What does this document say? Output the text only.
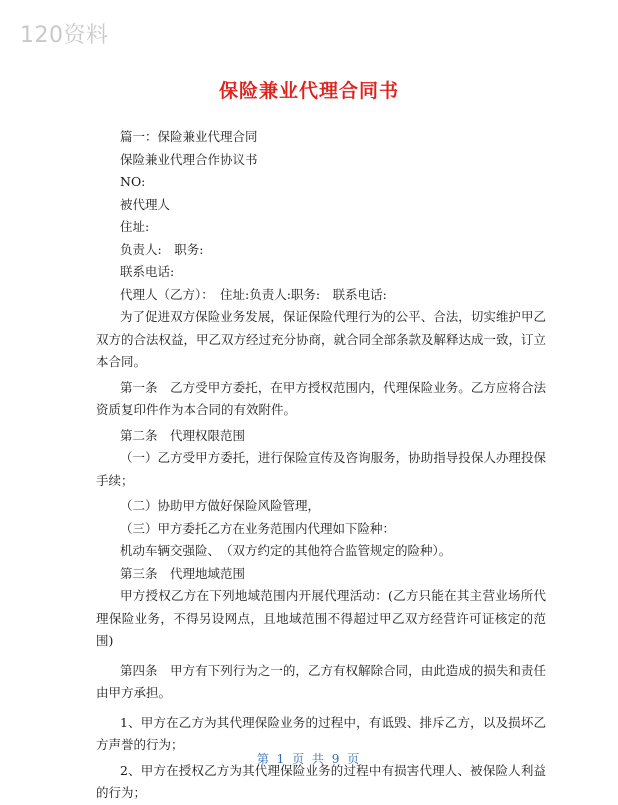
120资料
保险兼业代理合同书

篇一：保险兼业代理合同

保险兼业代理合作协议书

NO:

被代理人

住址:

负责人:　职务:

联系电话:

代理人（乙方）：　住址:负责人:职务:　联系电话:

为了促进双方保险业务发展，保证保险代理行为的公平、合法，切实维护甲乙双方的合法权益，甲乙双方经过充分协商，就合同全部条款及解释达成一致，订立本合同。

第一条　乙方受甲方委托，在甲方授权范围内，代理保险业务。乙方应将合法资质复印件作为本合同的有效附件。

第二条　代理权限范围

（一）乙方受甲方委托，进行保险宣传及咨询服务，协助指导投保人办理投保手续；

（二）协助甲方做好保险风险管理，

（三）甲方委托乙方在业务范围内代理如下险种：

机动车辆交强险、　（双方约定的其他符合监管规定的险种）。

第三条　代理地域范围

甲方授权乙方在下列地域范围内开展代理活动：(乙方只能在其主营业场所代理保险业务，不得另设网点，且地域范围不得超过甲乙双方经营许可证核定的范围)

第四条　甲方有下列行为之一的，乙方有权解除合同，由此造成的损失和责任由甲方承担。

1、甲方在乙方为其代理保险业务的过程中，有诋毁、排斥乙方，以及损坏乙方声誉的行为；

2、甲方在授权乙方为其代理保险业务的过程中有损害代理人、被保险人利益的行为；

第 1 页 共 9 页
